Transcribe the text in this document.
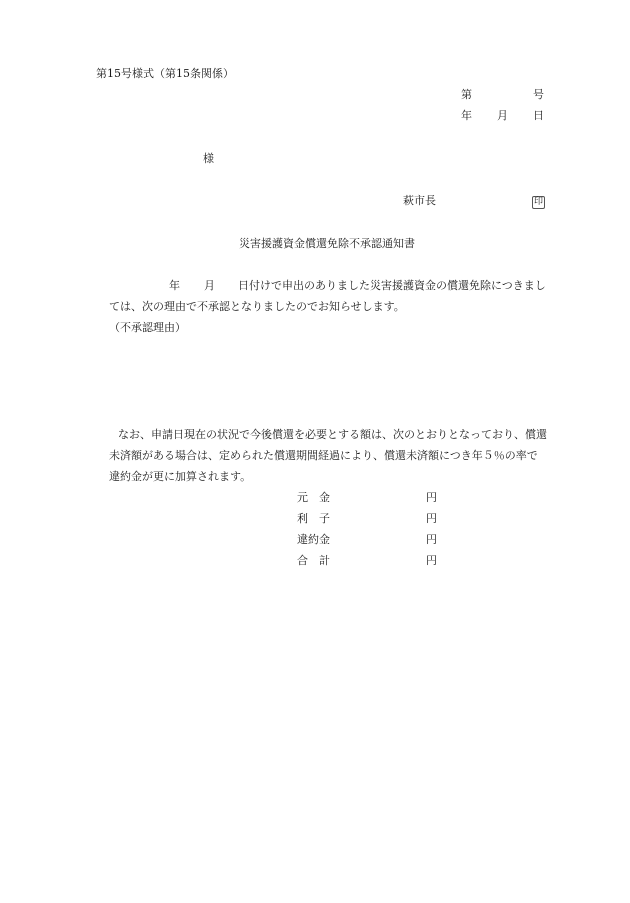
第15号様式（第15条関係）
第	号
年 月 日
様
萩市長	印
災害援護資金償還免除不承認通知書
年 月 日付けで申出のありました災害援護資金の償還免除につきまし
ては、次の理由で不承認となりましたのでお知らせします。
（不承認理由）
なお、申請日現在の状況で今後償還を必要とする額は、次のとおりとなっており、償還
未済額がある場合は、定められた償還期間経過により、償還未済額につき年５％の率で
違約金が更に加算されます。
元　金	円
利　子	円
違約金	円
合　計	円
